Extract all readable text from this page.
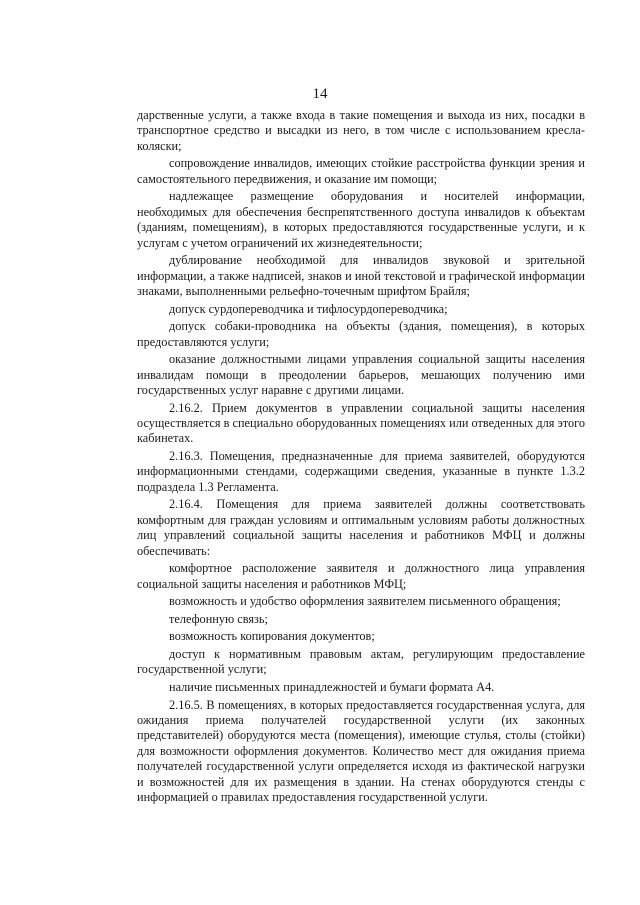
14

дарственные услуги, а также входа в такие помещения и выхода из них, посадки в транспортное средство и высадки из него, в том числе с использованием кресла-коляски;

сопровождение инвалидов, имеющих стойкие расстройства функции зрения и самостоятельного передвижения, и оказание им помощи;

надлежащее размещение оборудования и носителей информации, необходимых для обеспечения беспрепятственного доступа инвалидов к объектам (зданиям, помещениям), в которых предоставляются государственные услуги, и к услугам с учетом ограничений их жизнедеятельности;

дублирование необходимой для инвалидов звуковой и зрительной информации, а также надписей, знаков и иной текстовой и графической информации знаками, выполненными рельефно-точечным шрифтом Брайля;

допуск сурдопереводчика и тифлосурдопереводчика;

допуск собаки-проводника на объекты (здания, помещения), в которых предоставляются услуги;

оказание должностными лицами управления социальной защиты населения инвалидам помощи в преодолении барьеров, мешающих получению ими государственных услуг наравне с другими лицами.

2.16.2. Прием документов в управлении социальной защиты населения осуществляется в специально оборудованных помещениях или отведенных для этого кабинетах.

2.16.3. Помещения, предназначенные для приема заявителей, оборудуются информационными стендами, содержащими сведения, указанные в пункте 1.3.2 подраздела 1.3 Регламента.

2.16.4. Помещения для приема заявителей должны соответствовать комфортным для граждан условиям и оптимальным условиям работы должностных лиц управлений социальной защиты населения и работников МФЦ и должны обеспечивать:

комфортное расположение заявителя и должностного лица управления социальной защиты населения и работников МФЦ;

возможность и удобство оформления заявителем письменного обращения;

телефонную связь;

возможность копирования документов;

доступ к нормативным правовым актам, регулирующим предоставление государственной услуги;

наличие письменных принадлежностей и бумаги формата А4.

2.16.5. В помещениях, в которых предоставляется государственная услуга, для ожидания приема получателей государственной услуги (их законных представителей) оборудуются места (помещения), имеющие стулья, столы (стойки) для возможности оформления документов. Количество мест для ожидания приема получателей государственной услуги определяется исходя из фактической нагрузки и возможностей для их размещения в здании. На стенах оборудуются стенды с информацией о правилах предоставления государственной услуги.
